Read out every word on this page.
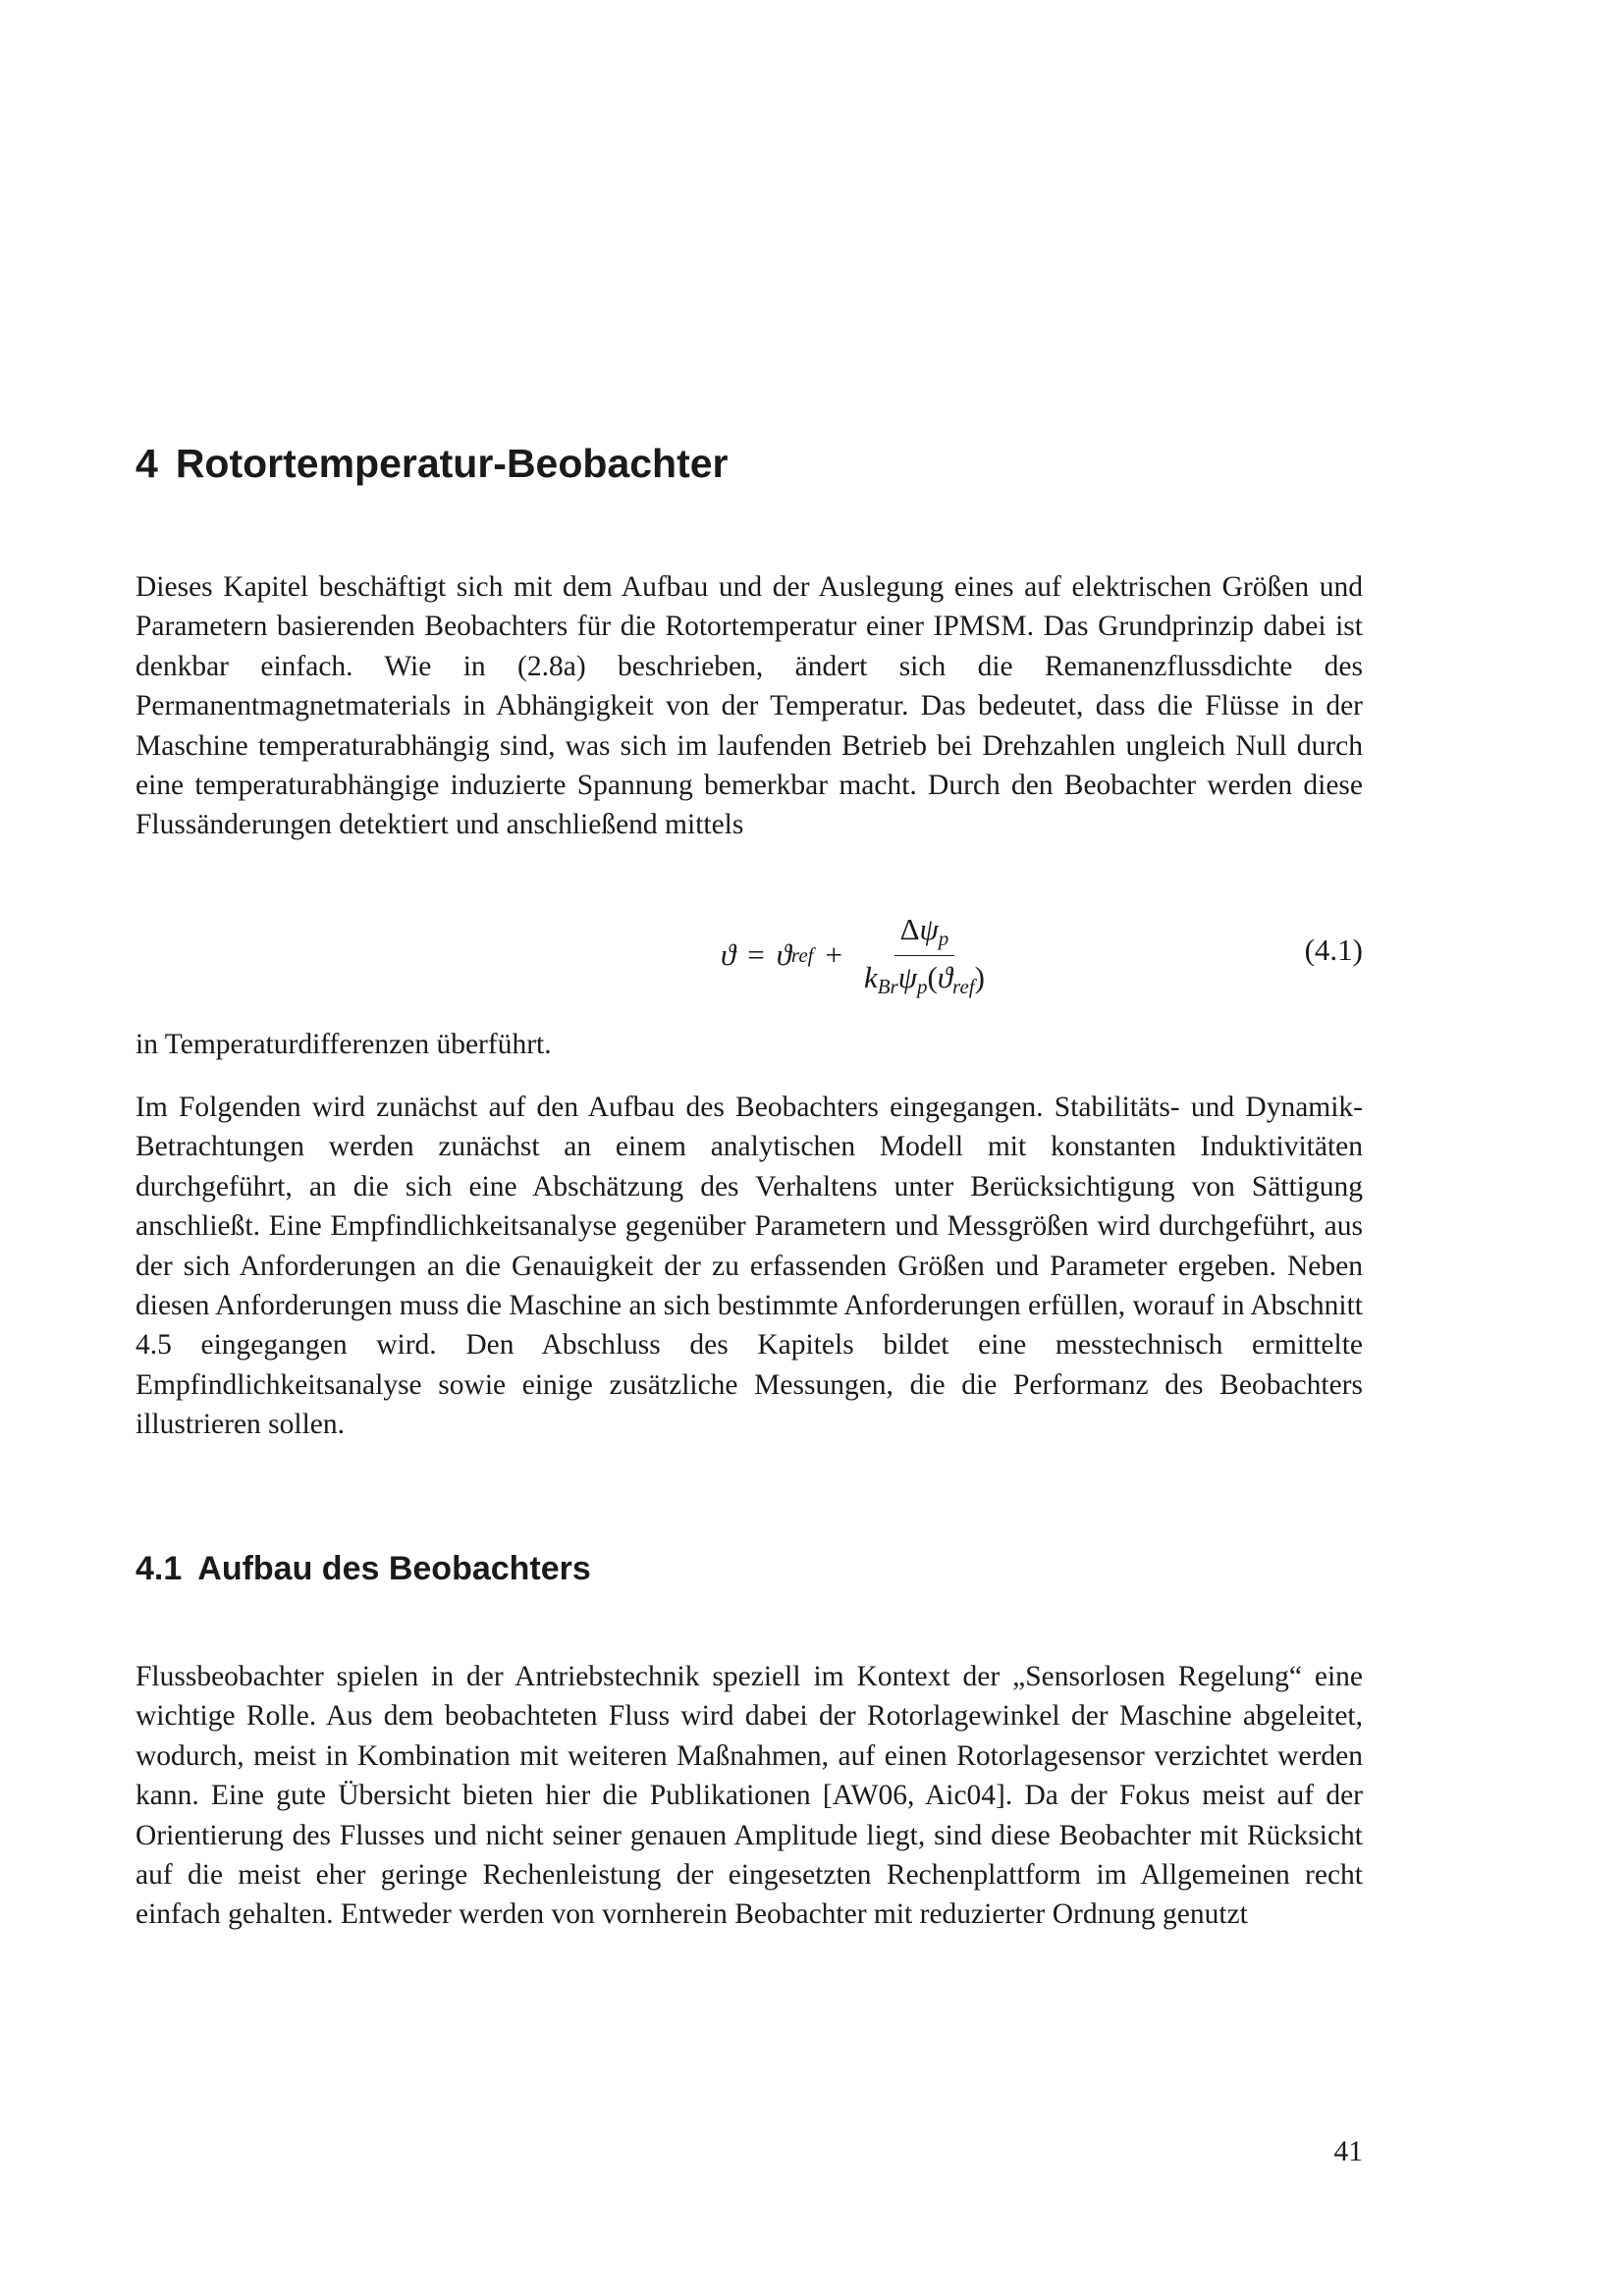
4 Rotortemperatur-Beobachter

Dieses Kapitel beschäftigt sich mit dem Aufbau und der Auslegung eines auf elektrischen Größen und Parametern basierenden Beobachters für die Rotortemperatur einer IPMSM. Das Grundprinzip dabei ist denkbar einfach. Wie in (2.8a) beschrieben, ändert sich die Remanenzflussdichte des Permanentmagnetmaterials in Abhängigkeit von der Temperatur. Das bedeutet, dass die Flüsse in der Maschine temperaturabhängig sind, was sich im laufenden Betrieb bei Drehzahlen ungleich Null durch eine temperaturabhängige induzierte Spannung bemerkbar macht. Durch den Beobachter werden diese Flussänderungen detektiert und anschließend mittels

ϑ = ϑ ref + $\frac{\Delta\psi_p}{k_{Br}\psi_p(ϑ_{ref})}$	(4.1)

in Temperaturdifferenzen überführt.

Im Folgenden wird zunächst auf den Aufbau des Beobachters eingegangen. Stabilitäts- und Dynamik-Betrachtungen werden zunächst an einem analytischen Modell mit konstanten Induktivitäten durchgeführt, an die sich eine Abschätzung des Verhaltens unter Berücksichtigung von Sättigung anschließt. Eine Empfindlichkeitsanalyse gegenüber Parametern und Messgrößen wird durchgeführt, aus der sich Anforderungen an die Genauigkeit der zu erfassenden Größen und Parameter ergeben. Neben diesen Anforderungen muss die Maschine an sich bestimmte Anforderungen erfüllen, worauf in Abschnitt 4.5 eingegangen wird. Den Abschluss des Kapitels bildet eine messtechnisch ermittelte Empfindlichkeitsanalyse sowie einige zusätzliche Messungen, die die Performanz des Beobachters illustrieren sollen.

4.1 Aufbau des Beobachters

Flussbeobachter spielen in der Antriebstechnik speziell im Kontext der „Sensorlosen Regelung“ eine wichtige Rolle. Aus dem beobachteten Fluss wird dabei der Rotorlagewinkel der Maschine abgeleitet, wodurch, meist in Kombination mit weiteren Maßnahmen, auf einen Rotorlagesensor verzichtet werden kann. Eine gute Übersicht bieten hier die Publikationen [AW06, Aic04]. Da der Fokus meist auf der Orientierung des Flusses und nicht seiner genauen Amplitude liegt, sind diese Beobachter mit Rücksicht auf die meist eher geringe Rechenleistung der eingesetzten Rechenplattform im Allgemeinen recht einfach gehalten. Entweder werden von vornherein Beobachter mit reduzierter Ordnung genutzt

41
